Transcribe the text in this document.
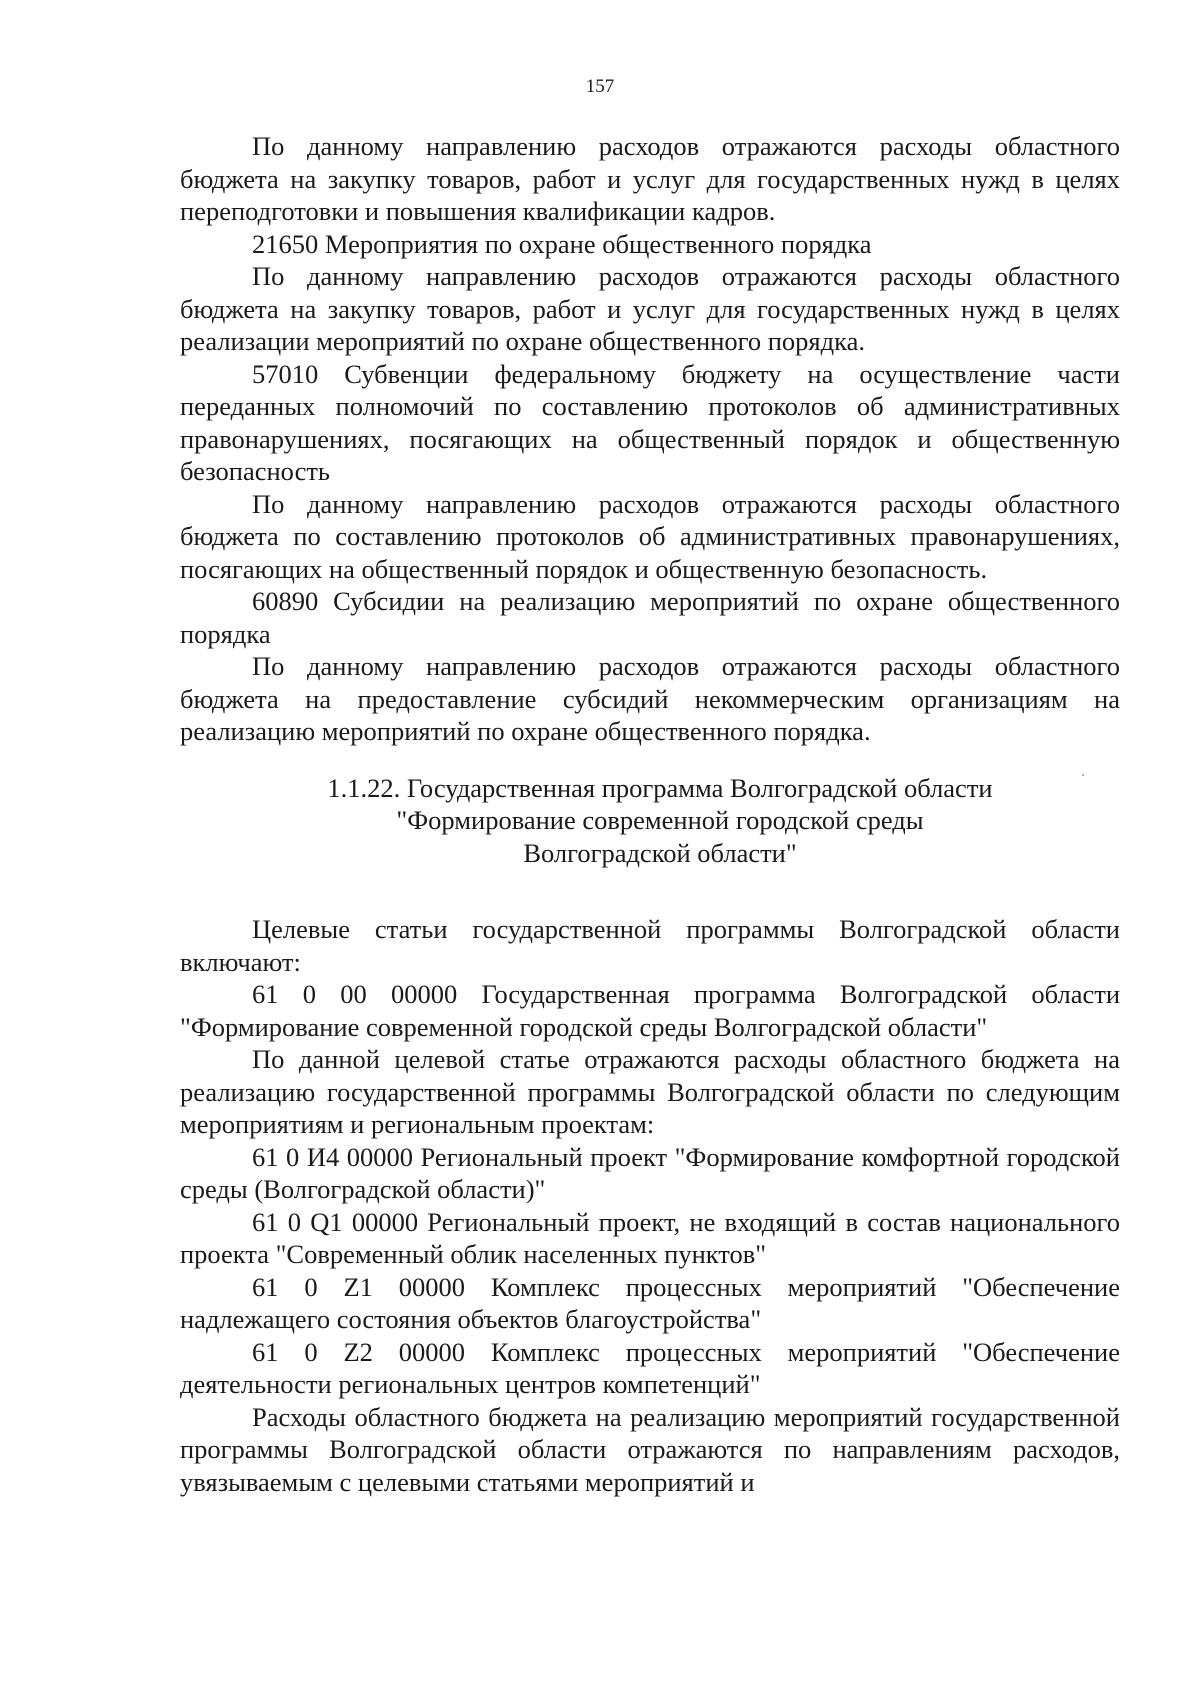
157

По данному направлению расходов отражаются расходы областного бюджета на закупку товаров, работ и услуг для государственных нужд в целях переподготовки и повышения квалификации кадров.

21650 Мероприятия по охране общественного порядка

По данному направлению расходов отражаются расходы областного бюджета на закупку товаров, работ и услуг для государственных нужд в целях реализации мероприятий по охране общественного порядка.

57010 Субвенции федеральному бюджету на осуществление части переданных полномочий по составлению протоколов об административных правонарушениях, посягающих на общественный порядок и общественную безопасность

По данному направлению расходов отражаются расходы областного бюджета по составлению протоколов об административных правонарушениях, посягающих на общественный порядок и общественную безопасность.

60890 Субсидии на реализацию мероприятий по охране общественного порядка

По данному направлению расходов отражаются расходы областного бюджета на предоставление субсидий некоммерческим организациям на реализацию мероприятий по охране общественного порядка.

1.1.22. Государственная программа Волгоградской области
"Формирование современной городской среды
Волгоградской области"

Целевые статьи государственной программы Волгоградской области включают:

61 0 00 00000 Государственная программа Волгоградской области "Формирование современной городской среды Волгоградской области"

По данной целевой статье отражаются расходы областного бюджета на реализацию государственной программы Волгоградской области по следующим мероприятиям и региональным проектам:

61 0 И4 00000 Региональный проект "Формирование комфортной городской среды (Волгоградской области)"

61 0 Q1 00000 Региональный проект, не входящий в состав национального проекта "Современный облик населенных пунктов"

61 0 Z1 00000 Комплекс процессных мероприятий "Обеспечение надлежащего состояния объектов благоустройства"

61 0 Z2 00000 Комплекс процессных мероприятий "Обеспечение деятельности региональных центров компетенций"

Расходы областного бюджета на реализацию мероприятий государственной программы Волгоградской области отражаются по направлениям расходов, увязываемым с целевыми статьями мероприятий и
